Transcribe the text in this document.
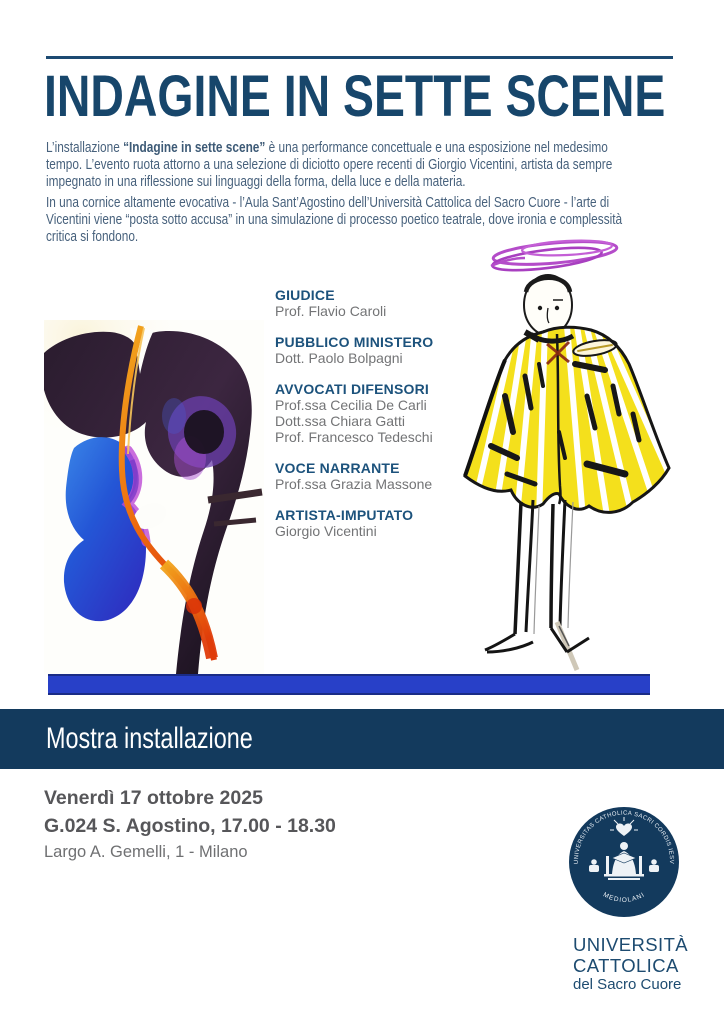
INDAGINE IN SETTE SCENE
L’installazione “Indagine in sette scene” è una performance concettuale e una esposizione nel medesimo
tempo. L’evento ruota attorno a una selezione di diciotto opere recenti di Giorgio Vicentini, artista da sempre
impegnato in una riflessione sui linguaggi della forma, della luce e della materia.
In una cornice altamente evocativa - l’Aula Sant’Agostino dell’Università Cattolica del Sacro Cuore - l’arte di
Vicentini viene “posta sotto accusa” in una simulazione di processo poetico teatrale, dove ironia e complessità
critica si fondono.
GIUDICE
Prof. Flavio Caroli
PUBBLICO MINISTERO
Dott. Paolo Bolpagni
AVVOCATI DIFENSORI
Prof.ssa Cecilia De Carli
Dott.ssa Chiara Gatti
Prof. Francesco Tedeschi
VOCE NARRANTE
Prof.ssa Grazia Massone
ARTISTA-IMPUTATO
Giorgio Vicentini
Mostra installazione
Venerdì 17 ottobre 2025
G.024 S. Agostino, 17.00 - 18.30
Largo A. Gemelli, 1 - Milano
UNIVERSITAS CATHOLICA SACRI CORDIS IESV
MEDIOLANI
UNIVERSITÀ
CATTOLICA
del Sacro Cuore
